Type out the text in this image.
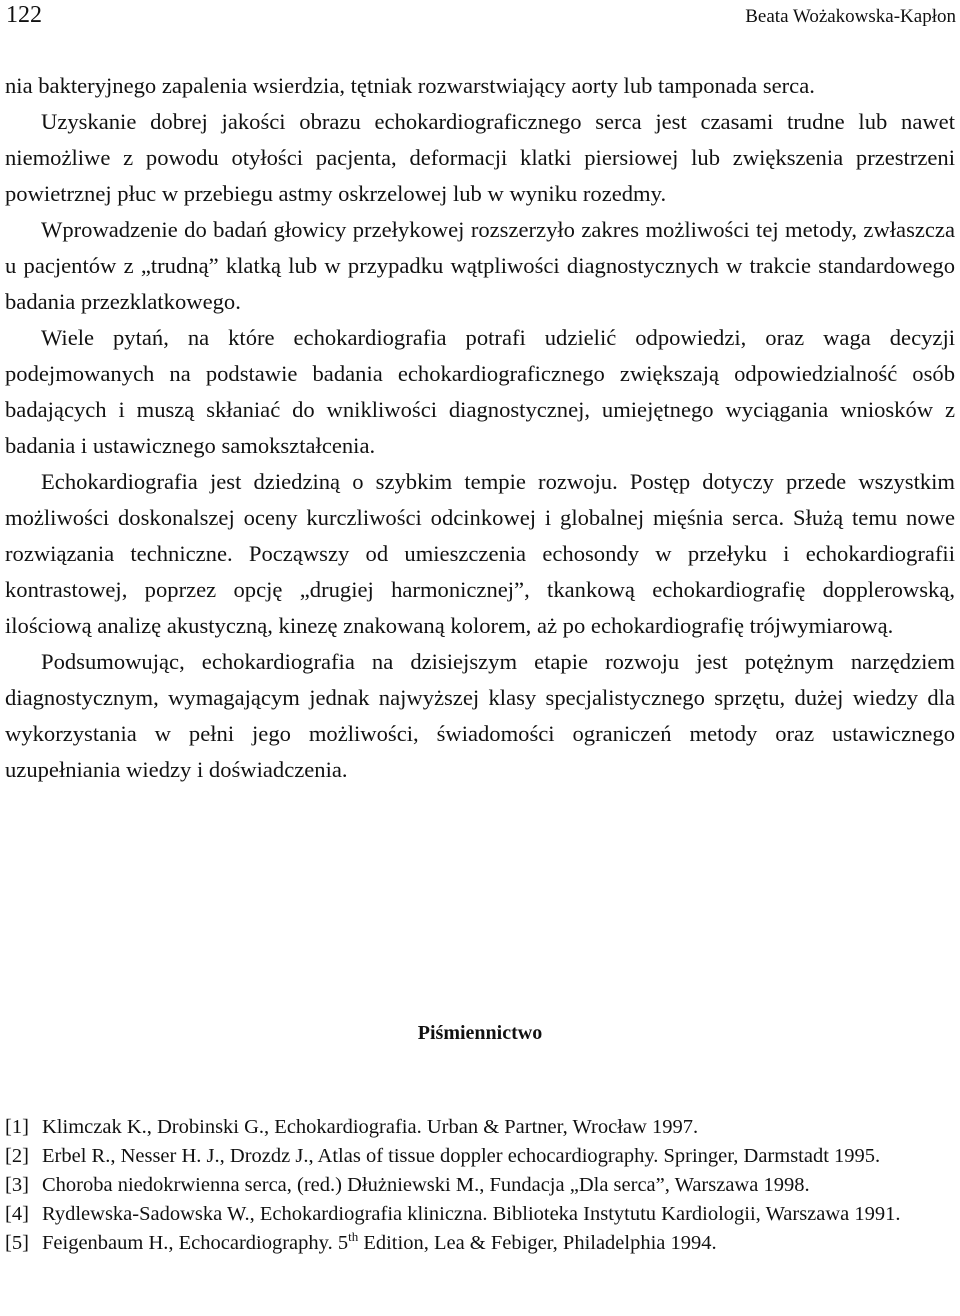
122	Beata Wożakowska-Kapłon

nia bakteryjnego zapalenia wsierdzia, tętniak rozwarstwiający aorty lub tamponada serca.

Uzyskanie dobrej jakości obrazu echokardiograficznego serca jest czasami trudne lub nawet niemożliwe z powodu otyłości pacjenta, deformacji klatki piersiowej lub zwiększenia przestrzeni powietrznej płuc w przebiegu astmy oskrzelowej lub w wyniku rozedmy.

Wprowadzenie do badań głowicy przełykowej rozszerzyło zakres możliwości tej metody, zwłaszcza u pacjentów z „trudną” klatką lub w przypadku wątpliwości diagnostycznych w trakcie standardowego badania przezklatkowego.

Wiele pytań, na które echokardiografia potrafi udzielić odpowiedzi, oraz waga decyzji podejmowanych na podstawie badania echokardiograficznego zwiększają odpowiedzialność osób badających i muszą skłaniać do wnikliwości diagnostycznej, umiejętnego wyciągania wniosków z badania i ustawicznego samokształcenia.

Echokardiografia jest dziedziną o szybkim tempie rozwoju. Postęp dotyczy przede wszystkim możliwości doskonalszej oceny kurczliwości odcinkowej i globalnej mięśnia serca. Służą temu nowe rozwiązania techniczne. Począwszy od umieszczenia echosondy w przełyku i echokardiografii kontrastowej, poprzez opcję „drugiej harmonicznej”, tkankową echokardiografię dopplerowską, ilościową analizę akustyczną, kinezę znakowaną kolorem, aż po echokardiografię trójwymiarową.

Podsumowując, echokardiografia na dzisiejszym etapie rozwoju jest potężnym narzędziem diagnostycznym, wymagającym jednak najwyższej klasy specjalistycznego sprzętu, dużej wiedzy dla wykorzystania w pełni jego możliwości, świadomości ograniczeń metody oraz ustawicznego uzupełniania wiedzy i doświadczenia.

Piśmiennictwo
[1] Klimczak K., Drobinski G., Echokardiografia. Urban & Partner, Wrocław 1997.
[2] Erbel R., Nesser H. J., Drozdz J., Atlas of tissue doppler echocardiography. Springer, Darmstadt 1995.
[3] Choroba niedokrwienna serca, (red.) Dłużniewski M., Fundacja „Dla serca”, Warszawa 1998.
[4] Rydlewska-Sadowska W., Echokardiografia kliniczna. Biblioteka Instytutu Kardiologii, Warszawa 1991.
[5] Feigenbaum H., Echocardiography. 5th Edition, Lea & Febiger, Philadelphia 1994.
